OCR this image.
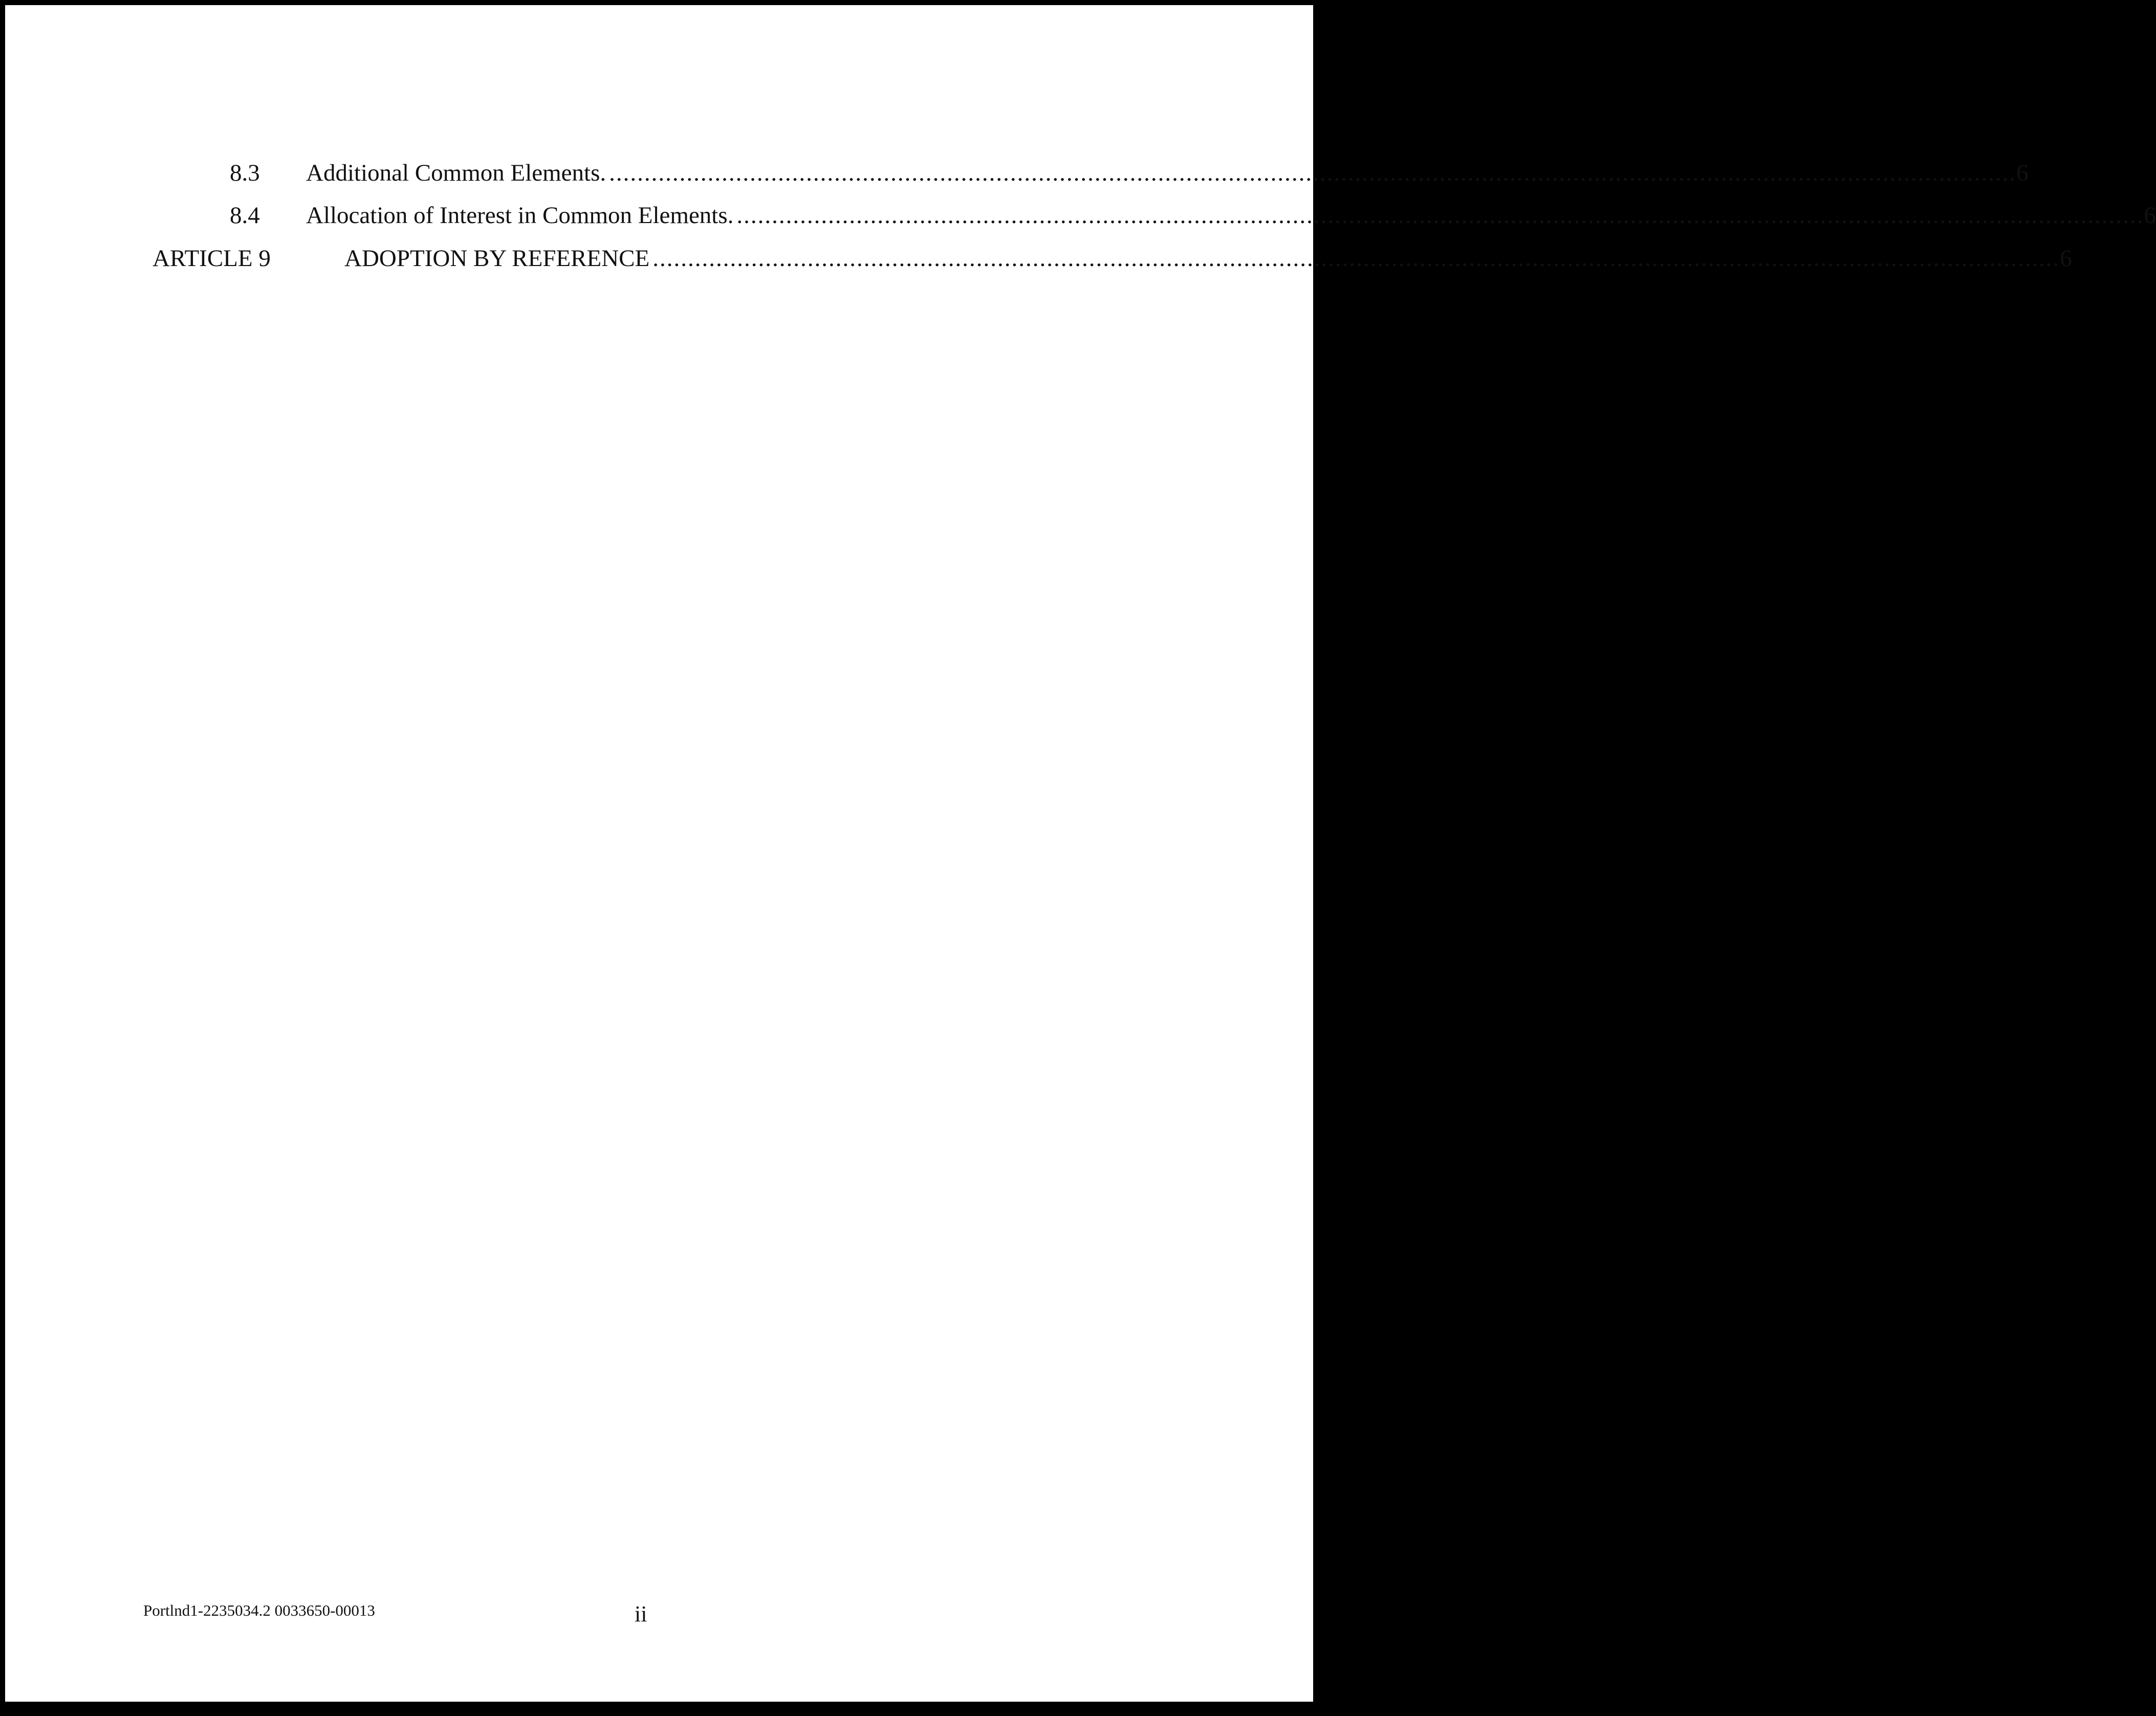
8.3 Additional Common Elements. ........................................................................................................................................................................................................ 6
8.4 Allocation of Interest in Common Elements. ........................................................................................................................................................................................................ 6
ARTICLE 9	ADOPTION BY REFERENCE ........................................................................................................................................................................................................ 6
Portlnd1-2235034.2 0033650-00013	ii
